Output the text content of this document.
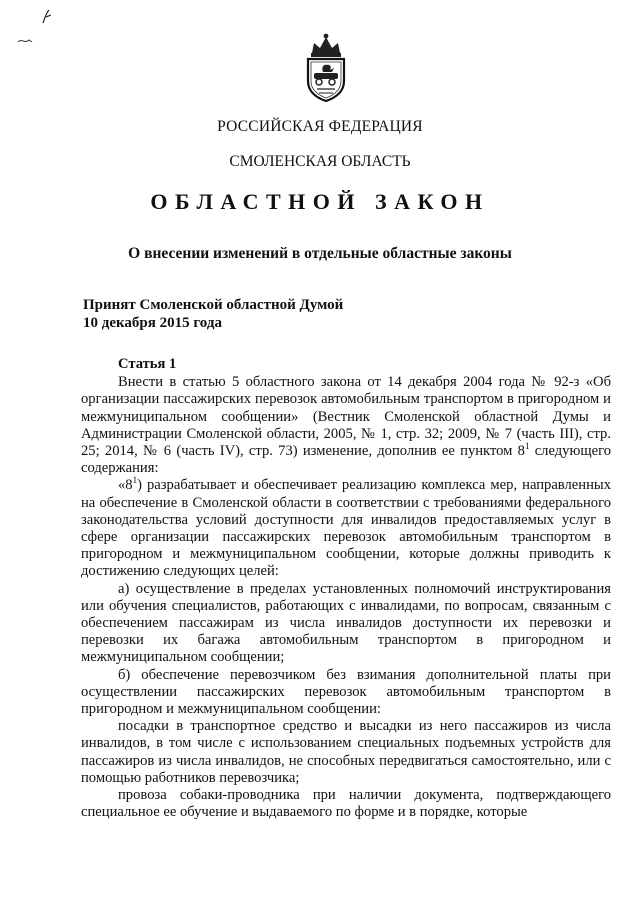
РОССИЙСКАЯ ФЕДЕРАЦИЯ
СМОЛЕНСКАЯ ОБЛАСТЬ
ОБЛАСТНОЙ ЗАКОН
О внесении изменений в отдельные областные законы
Принят Смоленской областной Думой
10 декабря 2015 года

Статья 1

Внести в статью 5 областного закона от 14 декабря 2004 года № 92-з «Об организации пассажирских перевозок автомобильным транспортом в пригородном и межмуниципальном сообщении» (Вестник Смоленской областной Думы и Администрации Смоленской области, 2005, № 1, стр. 32; 2009, № 7 (часть III), стр. 25; 2014, № 6 (часть IV), стр. 73) изменение, дополнив ее пунктом $8^1$ следующего содержания:

«$8^1$) разрабатывает и обеспечивает реализацию комплекса мер, направленных на обеспечение в Смоленской области в соответствии с требованиями федерального законодательства условий доступности для инвалидов предоставляемых услуг в сфере организации пассажирских перевозок автомобильным транспортом в пригородном и межмуниципальном сообщении, которые должны приводить к достижению следующих целей:

а) осуществление в пределах установленных полномочий инструктирования или обучения специалистов, работающих с инвалидами, по вопросам, связанным с обеспечением пассажирам из числа инвалидов доступности их перевозки и перевозки их багажа автомобильным транспортом в пригородном и межмуниципальном сообщении;

б) обеспечение перевозчиком без взимания дополнительной платы при осуществлении пассажирских перевозок автомобильным транспортом в пригородном и межмуниципальном сообщении:

посадки в транспортное средство и высадки из него пассажиров из числа инвалидов, в том числе с использованием специальных подъемных устройств для пассажиров из числа инвалидов, не способных передвигаться самостоятельно, или с помощью работников перевозчика;

провоза собаки-проводника при наличии документа, подтверждающего специальное ее обучение и выдаваемого по форме и в порядке, которые
